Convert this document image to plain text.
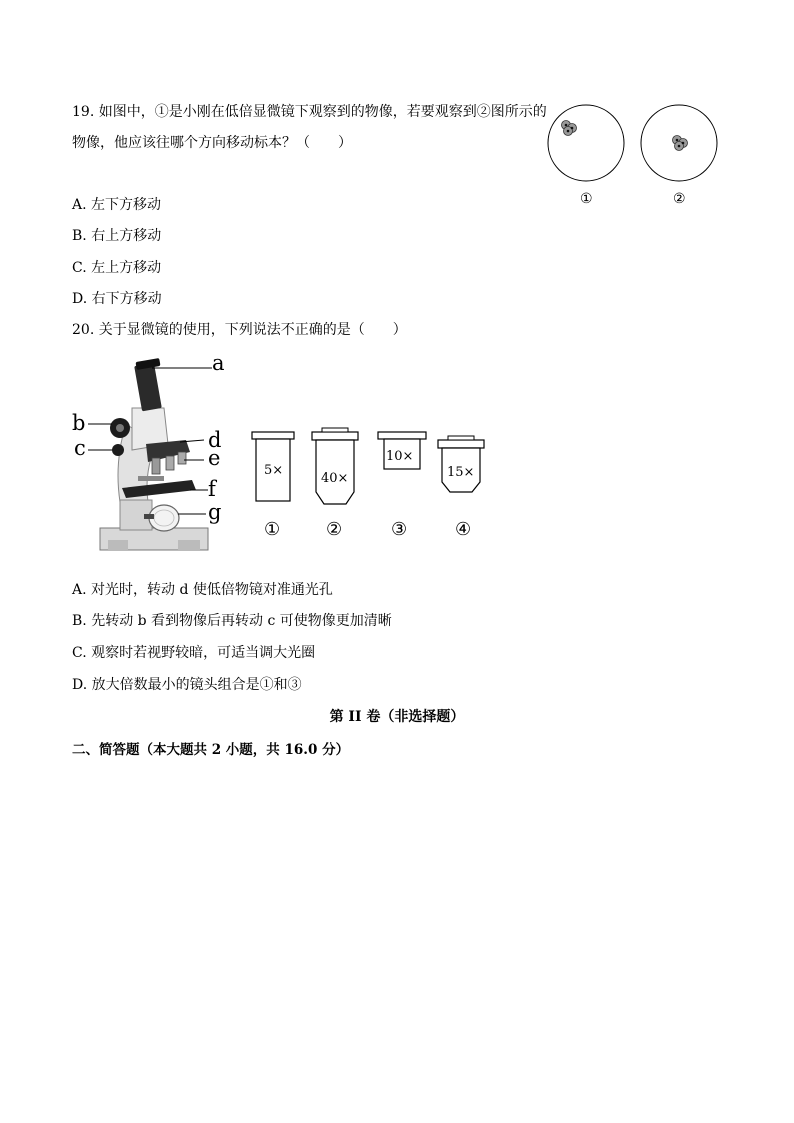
19. 如图中，①是小刚在低倍显微镜下观察到的物像，若要观察到②图所示的
物像，他应该往哪个方向移动标本？（　　）
①	②
A. 左下方移动
B. 右上方移动
C. 左上方移动
D. 右下方移动
20. 关于显微镜的使用，下列说法不正确的是（　　）
a
b
c	d
e
f
g
5×
40×
10×
15×
①	②	③	④
A. 对光时，转动 d 使低倍物镜对准通光孔
B. 先转动 b 看到物像后再转动 c 可使物像更加清晰
C. 观察时若视野较暗，可适当调大光圈
D. 放大倍数最小的镜头组合是①和③
第 II 卷（非选择题）
二、简答题（本大题共 2 小题，共 16.0 分）
